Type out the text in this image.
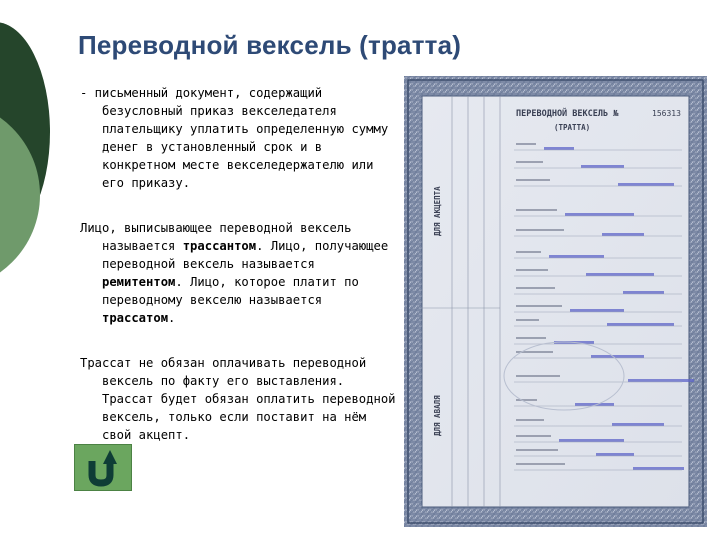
Переводной вексель (тратта)

- письменный документ, содержащий безусловный приказ векселедателя плательщику уплатить определенную сумму денег в установленный срок и в конкретном месте векселедержателю или его приказу.

Лицо, выписывающее переводной вексель называется трассантом. Лицо, получающее переводной вексель называется ремитентом. Лицо, которое платит по переводному векселю называется трассатом.

Трассат не обязан оплачивать переводной вексель по факту его выставления. Трассат будет обязан оплатить переводной вексель, только если поставит на нём свой акцепт.

ДЛЯ АКЦЕПТА
ДЛЯ АВАЛЯ
ПЕРЕВОДНОЙ ВЕКСЕЛЬ №	156313
(ТРАТТА)
